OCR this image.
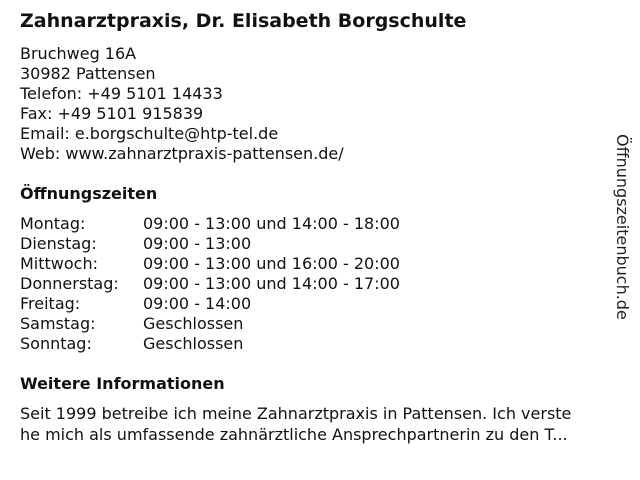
Zahnarztpraxis, Dr. Elisabeth Borgschulte
Bruchweg 16A
30982 Pattensen
Telefon: +49 5101 14433
Fax: +49 5101 915839
Email: e.borgschulte@htp-tel.de
Web: www.zahnarztpraxis-pattensen.de/
Öffnungszeiten
Montag:	09:00 - 13:00 und 14:00 - 18:00
Dienstag:	09:00 - 13:00
Mittwoch:	09:00 - 13:00 und 16:00 - 20:00
Donnerstag:	09:00 - 13:00 und 14:00 - 17:00
Freitag:	09:00 - 14:00
Samstag:	Geschlossen
Sonntag:	Geschlossen
Weitere Informationen
Seit 1999 betreibe ich meine Zahnarztpraxis in Pattensen. Ich verste
he mich als umfassende zahnärztliche Ansprechpartnerin zu den T...
Öffnungszeitenbuch.de
